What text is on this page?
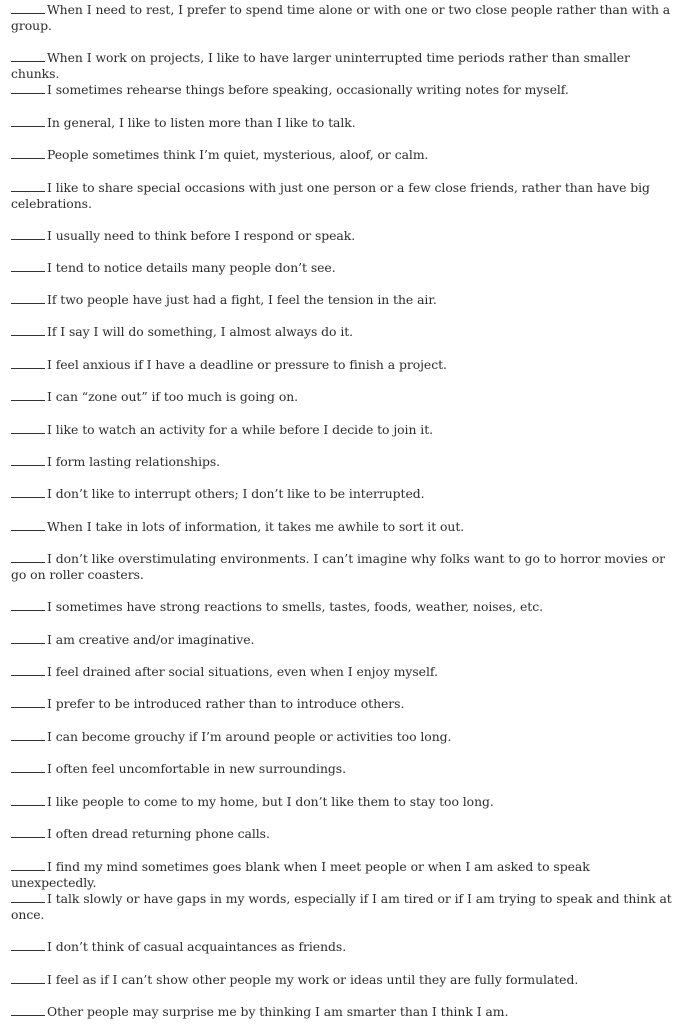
When I need to rest, I prefer to spend time alone or with one or two close people rather than with a group.
When I work on projects, I like to have larger uninterrupted time periods rather than smaller chunks.
I sometimes rehearse things before speaking, occasionally writing notes for myself.
In general, I like to listen more than I like to talk.
People sometimes think I’m quiet, mysterious, aloof, or calm.
I like to share special occasions with just one person or a few close friends, rather than have big celebrations.
I usually need to think before I respond or speak.
I tend to notice details many people don’t see.
If two people have just had a fight, I feel the tension in the air.
If I say I will do something, I almost always do it.
I feel anxious if I have a deadline or pressure to finish a project.
I can “zone out” if too much is going on.
I like to watch an activity for a while before I decide to join it.
I form lasting relationships.
I don’t like to interrupt others; I don’t like to be interrupted.
When I take in lots of information, it takes me awhile to sort it out.
I don’t like overstimulating environments. I can’t imagine why folks want to go to horror movies or go on roller coasters.
I sometimes have strong reactions to smells, tastes, foods, weather, noises, etc.
I am creative and/or imaginative.
I feel drained after social situations, even when I enjoy myself.
I prefer to be introduced rather than to introduce others.
I can become grouchy if I’m around people or activities too long.
I often feel uncomfortable in new surroundings.
I like people to come to my home, but I don’t like them to stay too long.
I often dread returning phone calls.
I find my mind sometimes goes blank when I meet people or when I am asked to speak unexpectedly.
I talk slowly or have gaps in my words, especially if I am tired or if I am trying to speak and think at once.
I don’t think of casual acquaintances as friends.
I feel as if I can’t show other people my work or ideas until they are fully formulated.
Other people may surprise me by thinking I am smarter than I think I am.
